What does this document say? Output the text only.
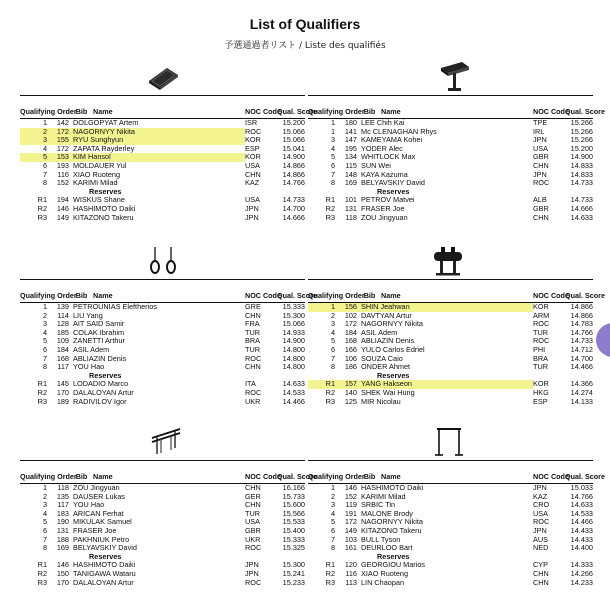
List of Qualifiers
予選通過者リスト / Liste des qualifiés
Qualifying Order
Bib Name	NOC Code
Qual. Score
1	142 DOLGOPYAT Artem	ISR	15.200
2	172 NAGORNYY Nikita	ROC	15.066
3	155 RYU Sunghyun	KOR	15.066
4	172 ZAPATA Rayderley	ESP	15.041
5	153 KIM Hansol	KOR	14.900
6	193 MOLDAUER Yul	USA	14.866
7	116 XIAO Ruoteng	CHN	14.866
8	152 KARIMI Milad	KAZ	14.766
Reserves
R1	194 WISKUS Shane	USA	14.733
R2	146 HASHIMOTO Daiki	JPN	14.700
R3	149 KITAZONO Takeru	JPN	14.666
Qualifying Order
Bib Name	NOC Code
Qual. Score
1	180 LEE Chih Kai	TPE	15.266
1	141 Mc CLENAGHAN Rhys	IRL	15.266
3	147 KAMEYAMA Kohei	JPN	15.266
4	195 YODER Alec	USA	15.200
5	134 WHITLOCK Max	GBR	14.900
6	115 SUN Wei	CHN	14.833
7	148 KAYA Kazuma	JPN	14.833
8	169 BELYAVSKIY David	ROC	14.733
Reserves
R1	101 PETROV Matvei	ALB	14.733
R2	131 FRASER Joe	GBR	14.666
R3	118 ZOU Jingyuan	CHN	14.633
Qualifying Order
Bib Name	NOC Code
Qual. Score
1	139 PETROUNIAS Eleftherios	GRE	15.333
2	114 LIU Yang	CHN	15.300
3	128 AIT SAID Samir	FRA	15.066
4	185 COLAK Ibrahim	TUR	14.933
5	109 ZANETTI Arthur	BRA	14.900
6	184 ASIL Adem	TUR	14.800
7	168 ABLIAZIN Denis	ROC	14.800
8	117 YOU Hao	CHN	14.800
Reserves
R1	145 LODADIO Marco	ITA	14.633
R2	170 DALALOYAN Artur	ROC	14.533
R3	189 RADIVILOV Igor	UKR	14.466
Qualifying Order
Bib Name	NOC Code
Qual. Score
1	156 SHIN Jeahwan	KOR	14.866
2	102 DAVTYAN Artur	ARM	14.866
3	172 NAGORNYY Nikita	ROC	14.783
4	184 ASIL Adem	TUR	14.766
5	168 ABLIAZIN Denis	ROC	14.733
6	166 YULO Carlos Edriel	PHI	14.712
7	106 SOUZA Caio	BRA	14.700
8	186 ONDER Ahmet	TUR	14.466
Reserves
R1	157 YANG Hakseon	KOR	14.366
R2	140 SHEK Wai Hung	HKG	14.274
R3	125 MIR Nicolau	ESP	14.133
Qualifying Order
Bib Name	NOC Code
Qual. Score
1	118 ZOU Jingyuan	CHN	16.166
2	135 DAUSER Lukas	GER	15.733
3	117 YOU Hao	CHN	15.600
4	183 ARICAN Ferhat	TUR	15.566
5	190 MIKULAK Samuel	USA	15.533
6	131 FRASER Joe	GBR	15.400
7	188 PAKHNIUK Petro	UKR	15.333
8	169 BELYAVSKIY David	ROC	15.325
Reserves
R1	146 HASHIMOTO Daiki	JPN	15.300
R2	150 TANIGAWA Wataru	JPN	15.241
R3	170 DALALOYAN Artur	ROC	15.233
Qualifying Order
Bib Name	NOC Code
Qual. Score
1	146 HASHIMOTO Daiki	JPN	15.033
2	152 KARIMI Milad	KAZ	14.766
3	119 SRBIC Tin	CRO	14.633
4	191 MALONE Brody	USA	14.533
5	172 NAGORNYY Nikita	ROC	14.466
6	149 KITAZONO Takeru	JPN	14.433
7	103 BULL Tyson	AUS	14.433
8	161 DEURLOO Bart	NED	14.400
Reserves
R1	120 GEORGIOU Marios	CYP	14.333
R2	116 XIAO Ruoteng	CHN	14.266
R3	113 LIN Chaopan	CHN	14.233
